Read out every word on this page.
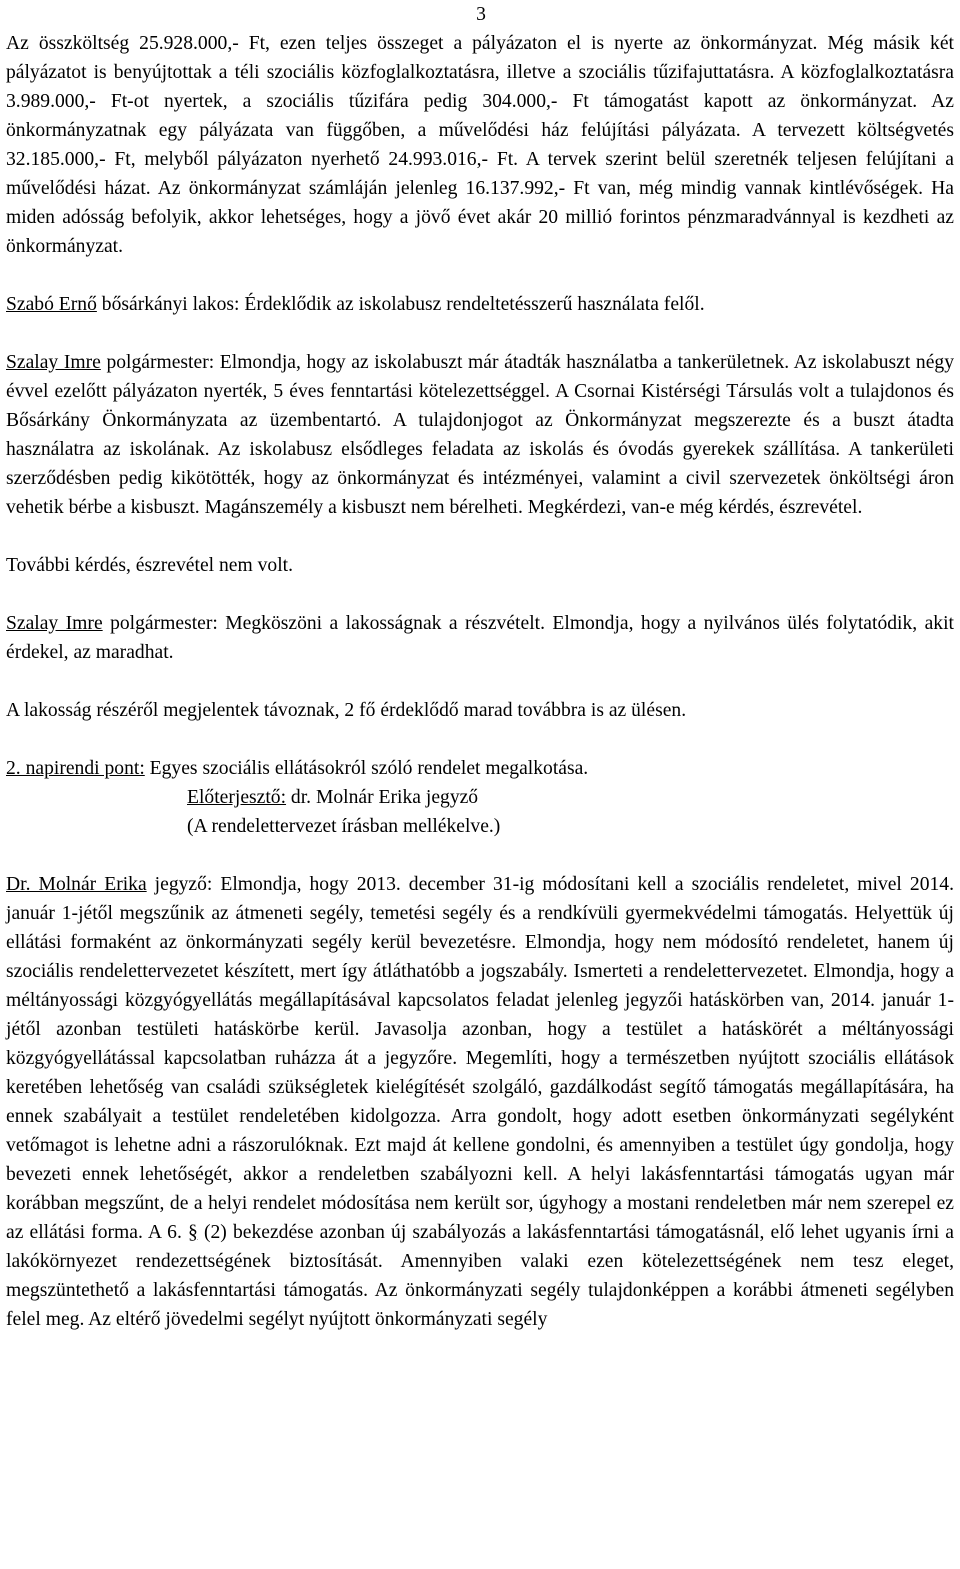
3

Az összköltség 25.928.000,- Ft, ezen teljes összeget a pályázaton el is nyerte az önkormányzat. Még másik két pályázatot is benyújtottak a téli szociális közfoglalkoztatásra, illetve a szociális tűzifajuttatásra. A közfoglalkoztatásra 3.989.000,- Ft-ot nyertek, a szociális tűzifára pedig 304.000,- Ft támogatást kapott az önkormányzat. Az önkormányzatnak egy pályázata van függőben, a művelődési ház felújítási pályázata. A tervezett költségvetés 32.185.000,- Ft, melyből pályázaton nyerhető 24.993.016,- Ft. A tervek szerint belül szeretnék teljesen felújítani a művelődési házat. Az önkormányzat számláján jelenleg 16.137.992,- Ft van, még mindig vannak kintlévőségek. Ha miden adósság befolyik, akkor lehetséges, hogy a jövő évet akár 20 millió forintos pénzmaradvánnyal is kezdheti az önkormányzat.

Szabó Ernő bősárkányi lakos: Érdeklődik az iskolabusz rendeltetésszerű használata felől.

Szalay Imre polgármester: Elmondja, hogy az iskolabuszt már átadták használatba a tankerületnek. Az iskolabuszt négy évvel ezelőtt pályázaton nyerték, 5 éves fenntartási kötelezettséggel. A Csornai Kistérségi Társulás volt a tulajdonos és Bősárkány Önkormányzata az üzembentartó. A tulajdonjogot az Önkormányzat megszerezte és a buszt átadta használatra az iskolának. Az iskolabusz elsődleges feladata az iskolás és óvodás gyerekek szállítása. A tankerületi szerződésben pedig kikötötték, hogy az önkormányzat és intézményei, valamint a civil szervezetek önköltségi áron vehetik bérbe a kisbuszt. Magánszemély a kisbuszt nem bérelheti. Megkérdezi, van-e még kérdés, észrevétel.

További kérdés, észrevétel nem volt.

Szalay Imre polgármester: Megköszöni a lakosságnak a részvételt. Elmondja, hogy a nyilvános ülés folytatódik, akit érdekel, az maradhat.

A lakosság részéről megjelentek távoznak, 2 fő érdeklődő marad továbbra is az ülésen.

2. napirendi pont: Egyes szociális ellátásokról szóló rendelet megalkotása.
Előterjesztő: dr. Molnár Erika jegyző
(A rendelettervezet írásban mellékelve.)

Dr. Molnár Erika jegyző: Elmondja, hogy 2013. december 31-ig módosítani kell a szociális rendeletet, mivel 2014. január 1-jétől megszűnik az átmeneti segély, temetési segély és a rendkívüli gyermekvédelmi támogatás. Helyettük új ellátási formaként az önkormányzati segély kerül bevezetésre. Elmondja, hogy nem módosító rendeletet, hanem új szociális rendelettervezetet készített, mert így átláthatóbb a jogszabály. Ismerteti a rendelettervezetet. Elmondja, hogy a méltányossági közgyógyellátás megállapításával kapcsolatos feladat jelenleg jegyzői hatáskörben van, 2014. január 1-jétől azonban testületi hatáskörbe kerül. Javasolja azonban, hogy a testület a hatáskörét a méltányossági közgyógyellátással kapcsolatban ruházza át a jegyzőre. Megemlíti, hogy a természetben nyújtott szociális ellátások keretében lehetőség van családi szükségletek kielégítését szolgáló, gazdálkodást segítő támogatás megállapítására, ha ennek szabályait a testület rendeletében kidolgozza. Arra gondolt, hogy adott esetben önkormányzati segélyként vetőmagot is lehetne adni a rászorulóknak. Ezt majd át kellene gondolni, és amennyiben a testület úgy gondolja, hogy bevezeti ennek lehetőségét, akkor a rendeletben szabályozni kell. A helyi lakásfenntartási támogatás ugyan már korábban megszűnt, de a helyi rendelet módosítása nem került sor, úgyhogy a mostani rendeletben már nem szerepel ez az ellátási forma. A 6. § (2) bekezdése azonban új szabályozás a lakásfenntartási támogatásnál, elő lehet ugyanis írni a lakókörnyezet rendezettségének biztosítását. Amennyiben valaki ezen kötelezettségének nem tesz eleget, megszüntethető a lakásfenntartási támogatás. Az önkormányzati segély tulajdonképpen a korábbi átmeneti segélyben felel meg. Az eltérő jövedelmi segélyt nyújtott önkormányzati segély
